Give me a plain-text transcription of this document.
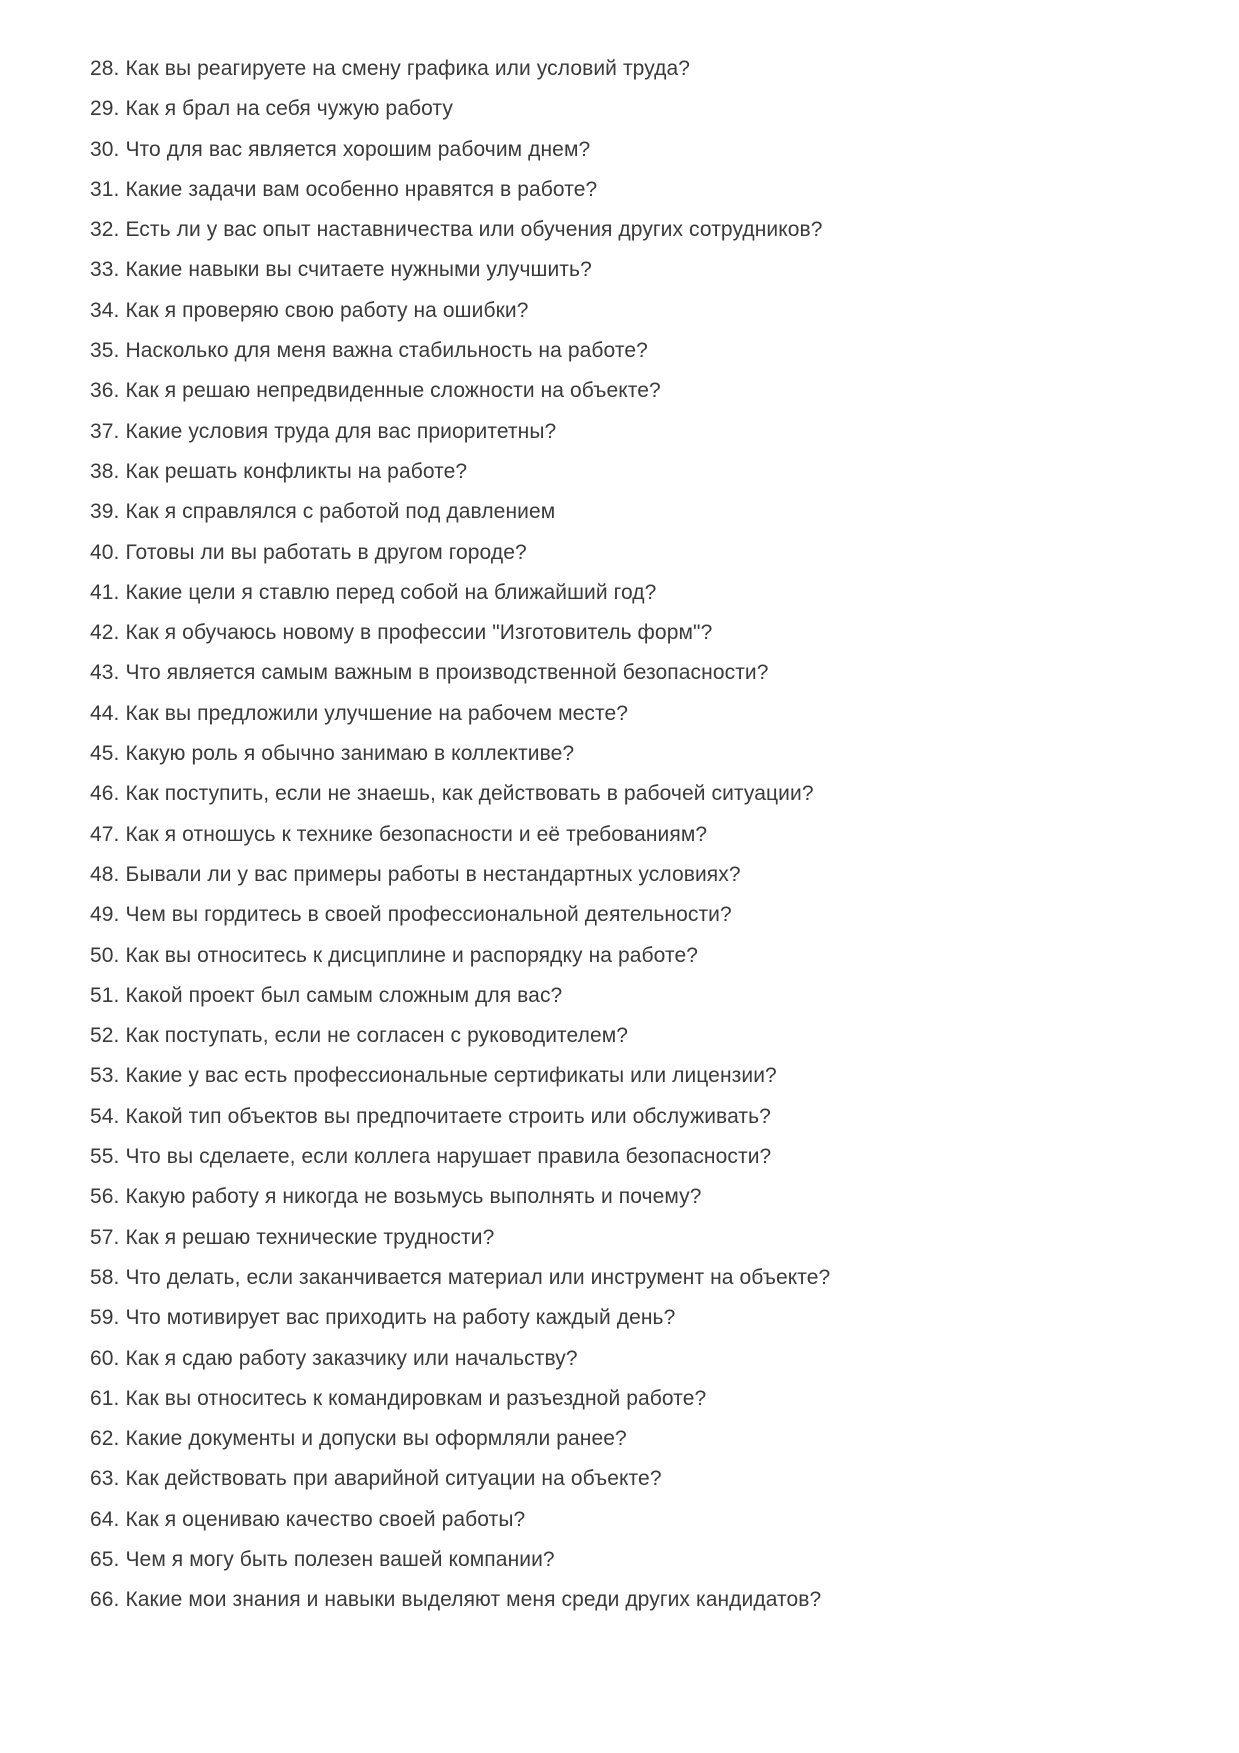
28. Как вы реагируете на смену графика или условий труда?
29. Как я брал на себя чужую работу
30. Что для вас является хорошим рабочим днем?
31. Какие задачи вам особенно нравятся в работе?
32. Есть ли у вас опыт наставничества или обучения других сотрудников?
33. Какие навыки вы считаете нужными улучшить?
34. Как я проверяю свою работу на ошибки?
35. Насколько для меня важна стабильность на работе?
36. Как я решаю непредвиденные сложности на объекте?
37. Какие условия труда для вас приоритетны?
38. Как решать конфликты на работе?
39. Как я справлялся с работой под давлением
40. Готовы ли вы работать в другом городе?
41. Какие цели я ставлю перед собой на ближайший год?
42. Как я обучаюсь новому в профессии "Изготовитель форм"?
43. Что является самым важным в производственной безопасности?
44. Как вы предложили улучшение на рабочем месте?
45. Какую роль я обычно занимаю в коллективе?
46. Как поступить, если не знаешь, как действовать в рабочей ситуации?
47. Как я отношусь к технике безопасности и её требованиям?
48. Бывали ли у вас примеры работы в нестандартных условиях?
49. Чем вы гордитесь в своей профессиональной деятельности?
50. Как вы относитесь к дисциплине и распорядку на работе?
51. Какой проект был самым сложным для вас?
52. Как поступать, если не согласен с руководителем?
53. Какие у вас есть профессиональные сертификаты или лицензии?
54. Какой тип объектов вы предпочитаете строить или обслуживать?
55. Что вы сделаете, если коллега нарушает правила безопасности?
56. Какую работу я никогда не возьмусь выполнять и почему?
57. Как я решаю технические трудности?
58. Что делать, если заканчивается материал или инструмент на объекте?
59. Что мотивирует вас приходить на работу каждый день?
60. Как я сдаю работу заказчику или начальству?
61. Как вы относитесь к командировкам и разъездной работе?
62. Какие документы и допуски вы оформляли ранее?
63. Как действовать при аварийной ситуации на объекте?
64. Как я оцениваю качество своей работы?
65. Чем я могу быть полезен вашей компании?
66. Какие мои знания и навыки выделяют меня среди других кандидатов?
